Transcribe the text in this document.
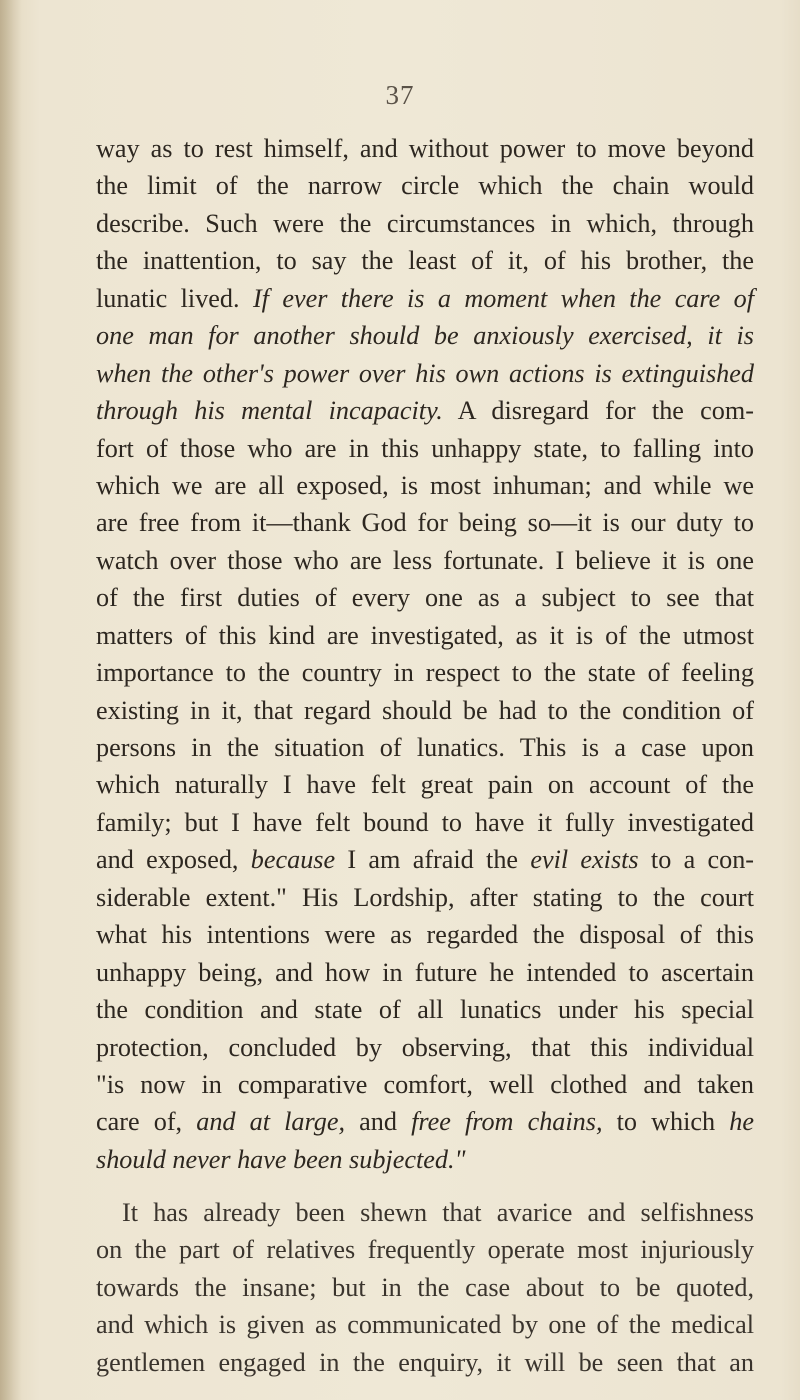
37
way as to rest himself, and without power to move beyond
the limit of the narrow circle which the chain would
describe. Such were the circumstances in which, through
the inattention, to say the least of it, of his brother, the
lunatic lived. If ever there is a moment when the care of
one man for another should be anxiously exercised, it is
when the other's power over his own actions is extinguished
through his mental incapacity. A disregard for the com-
fort of those who are in this unhappy state, to falling into
which we are all exposed, is most inhuman; and while we
are free from it—thank God for being so—it is our duty to
watch over those who are less fortunate. I believe it is one
of the first duties of every one as a subject to see that
matters of this kind are investigated, as it is of the utmost
importance to the country in respect to the state of feeling
existing in it, that regard should be had to the condition of
persons in the situation of lunatics. This is a case upon
which naturally I have felt great pain on account of the
family; but I have felt bound to have it fully investigated
and exposed, because I am afraid the evil exists to a con-
siderable extent." His Lordship, after stating to the court
what his intentions were as regarded the disposal of this
unhappy being, and how in future he intended to ascertain
the condition and state of all lunatics under his special
protection, concluded by observing, that this individual
"is now in comparative comfort, well clothed and taken
care of, and at large, and free from chains, to which he
should never have been subjected."
It has already been shewn that avarice and selfishness
on the part of relatives frequently operate most injuriously
towards the insane; but in the case about to be quoted,
and which is given as communicated by one of the medical
gentlemen engaged in the enquiry, it will be seen that an
